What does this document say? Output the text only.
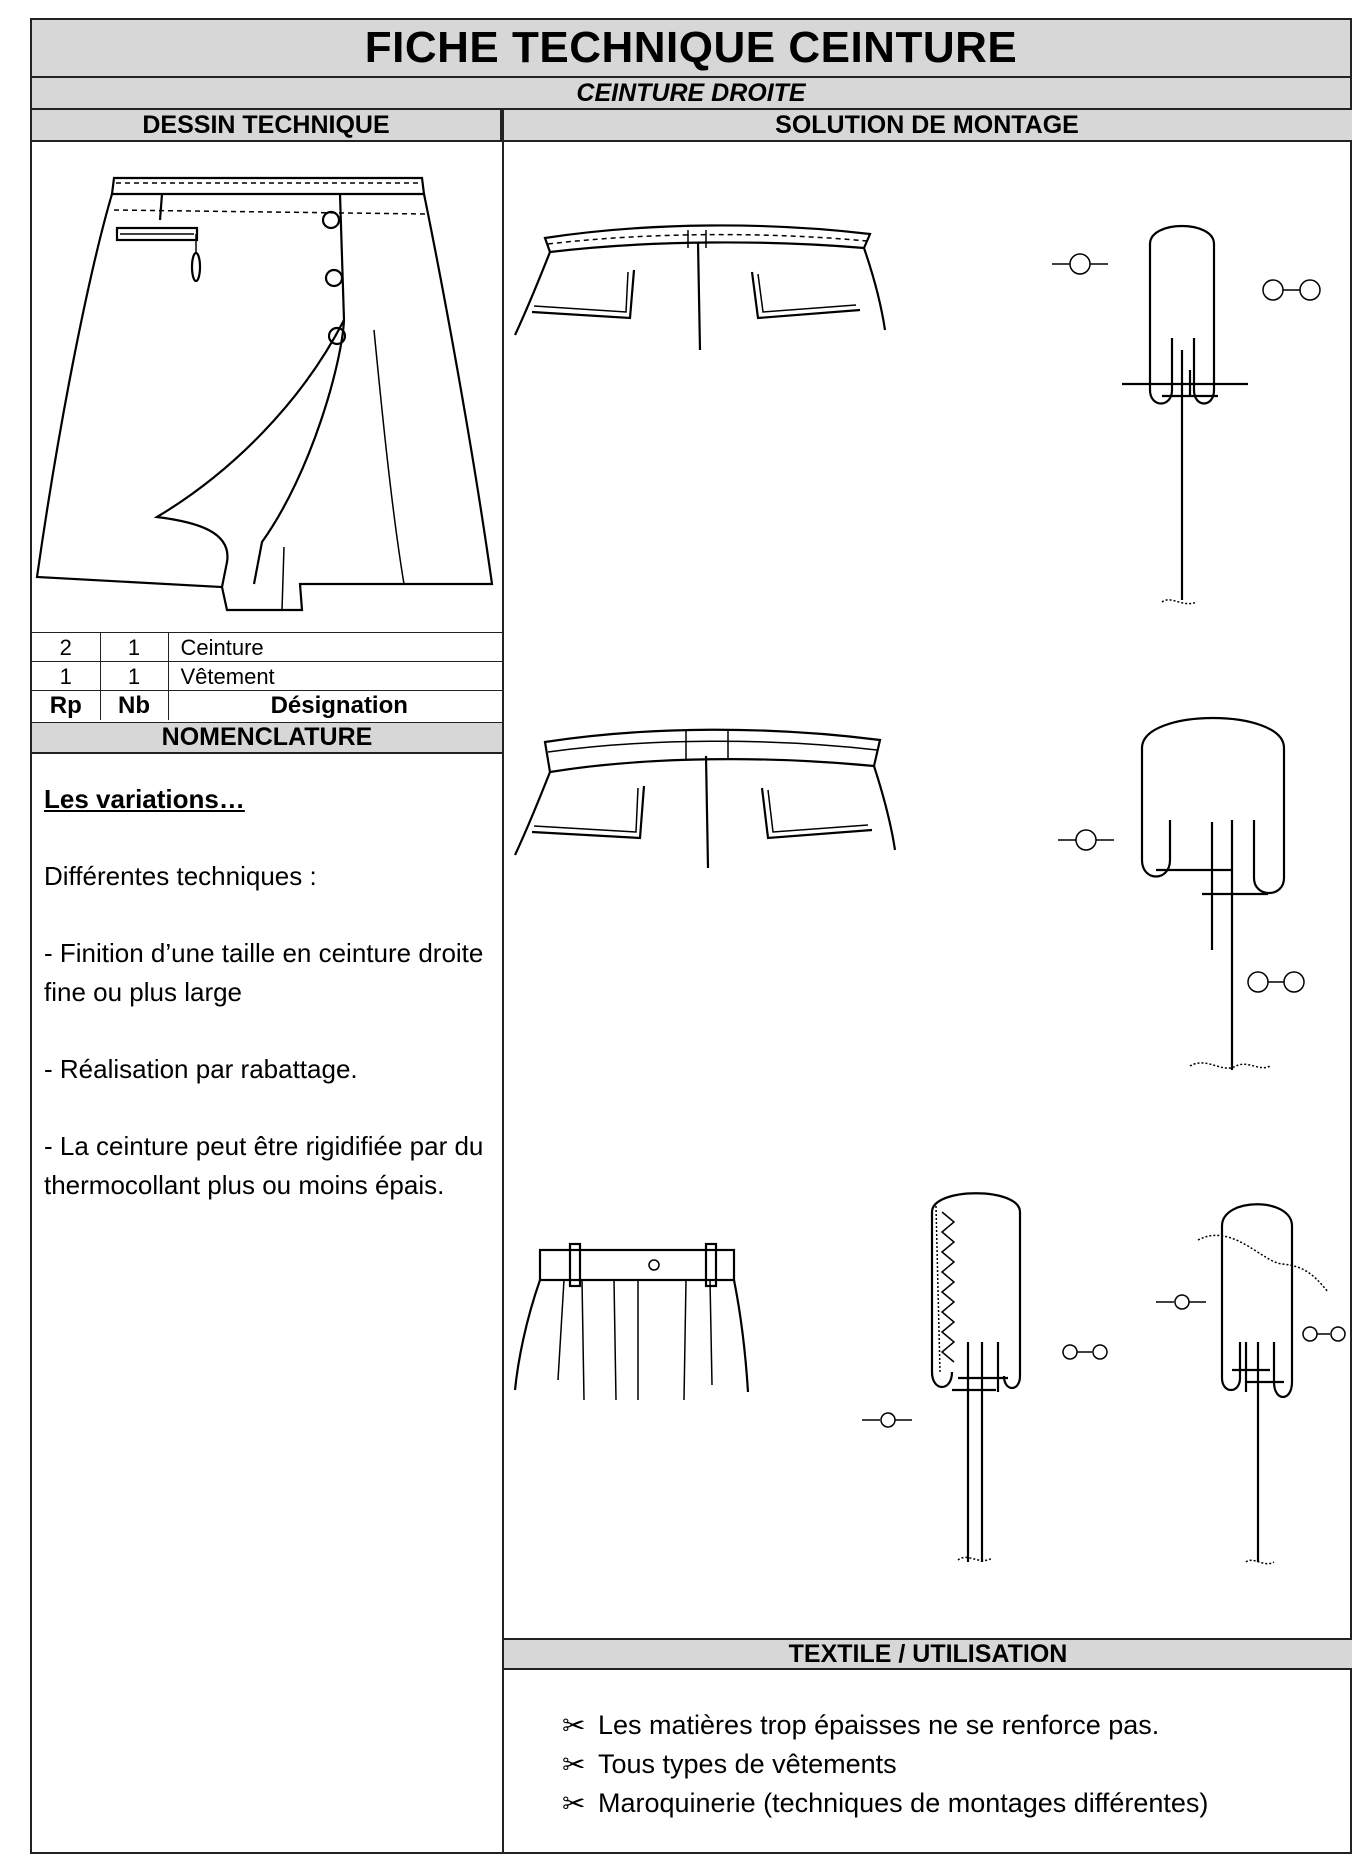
FICHE TECHNIQUE CEINTURE
CEINTURE DROITE
DESSIN TECHNIQUE	SOLUTION DE MONTAGE
2	1	Ceinture
1	1	Vêtement
Rp	Nb	Désignation
NOMENCLATURE
Les variations…

Différentes techniques :

- Finition d’une taille en ceinture droite fine ou plus large

- Réalisation par rabattage.

- La ceinture peut être rigidifiée par du thermocollant plus ou moins épais.

TEXTILE / UTILISATION
✂ Les matières trop épaisses ne se renforce pas.
✂ Tous types de vêtements
✂ Maroquinerie (techniques de montages différentes)
